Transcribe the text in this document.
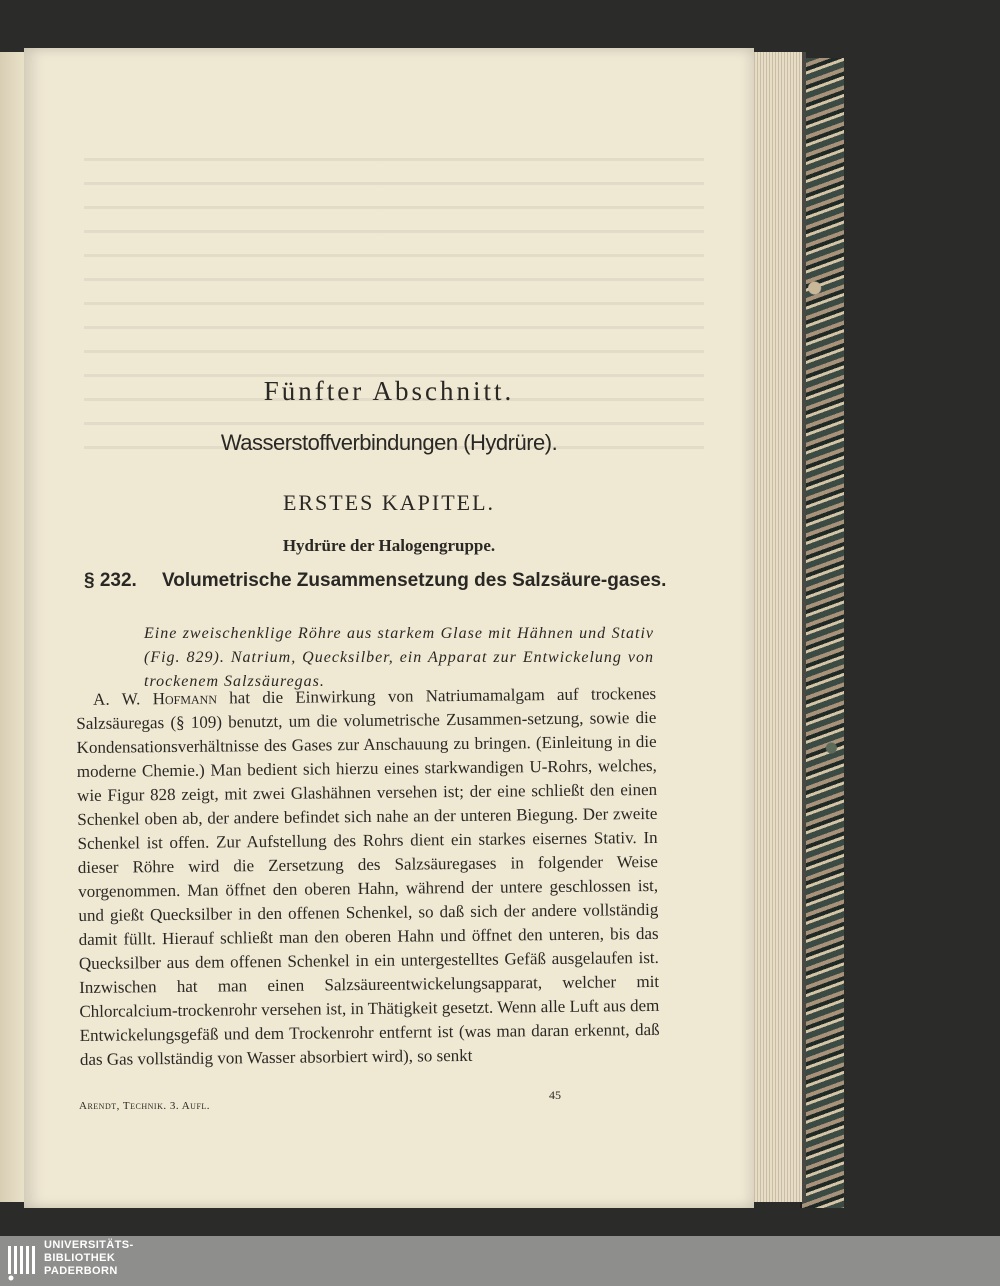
Fünfter Abschnitt.
Wasserstoffverbindungen (Hydrüre).
ERSTES KAPITEL.
Hydrüre der Halogengruppe.
§ 232. Volumetrische Zusammensetzung des Salzsäure-gases.
Eine zweischenklige Röhre aus starkem Glase mit Hähnen und Stativ (Fig. 829). Natrium, Quecksilber, ein Apparat zur Entwickelung von trockenem Salzsäuregas.

 A. W. Hofmann hat die Einwirkung von Natriumamalgam auf trockenes Salzsäuregas (§ 109) benutzt, um die volumetrische Zusammen-setzung, sowie die Kondensationsverhältnisse des Gases zur Anschauung zu bringen. (Einleitung in die moderne Chemie.) Man bedient sich hierzu eines starkwandigen U-Rohrs, welches, wie Figur 828 zeigt, mit zwei Glashähnen versehen ist; der eine schließt den einen Schenkel oben ab, der andere befindet sich nahe an der unteren Biegung. Der zweite Schenkel ist offen. Zur Aufstellung des Rohrs dient ein starkes eisernes Stativ. In dieser Röhre wird die Zersetzung des Salzsäuregases in folgender Weise vorgenommen. Man öffnet den oberen Hahn, während der untere geschlossen ist, und gießt Quecksilber in den offenen Schenkel, so daß sich der andere vollständig damit füllt. Hierauf schließt man den oberen Hahn und öffnet den unteren, bis das Quecksilber aus dem offenen Schenkel in ein untergestelltes Gefäß ausgelaufen ist. Inzwischen hat man einen Salzsäureentwickelungsapparat, welcher mit Chlorcalcium-trockenrohr versehen ist, in Thätigkeit gesetzt. Wenn alle Luft aus dem Entwickelungsgefäß und dem Trockenrohr entfernt ist (was man daran erkennt, daß das Gas vollständig von Wasser absorbiert wird), so senkt

Arendt, Technik. 3. Aufl.
45
UNIVERSITÄTS-
BIBLIOTHEK
PADERBORN
